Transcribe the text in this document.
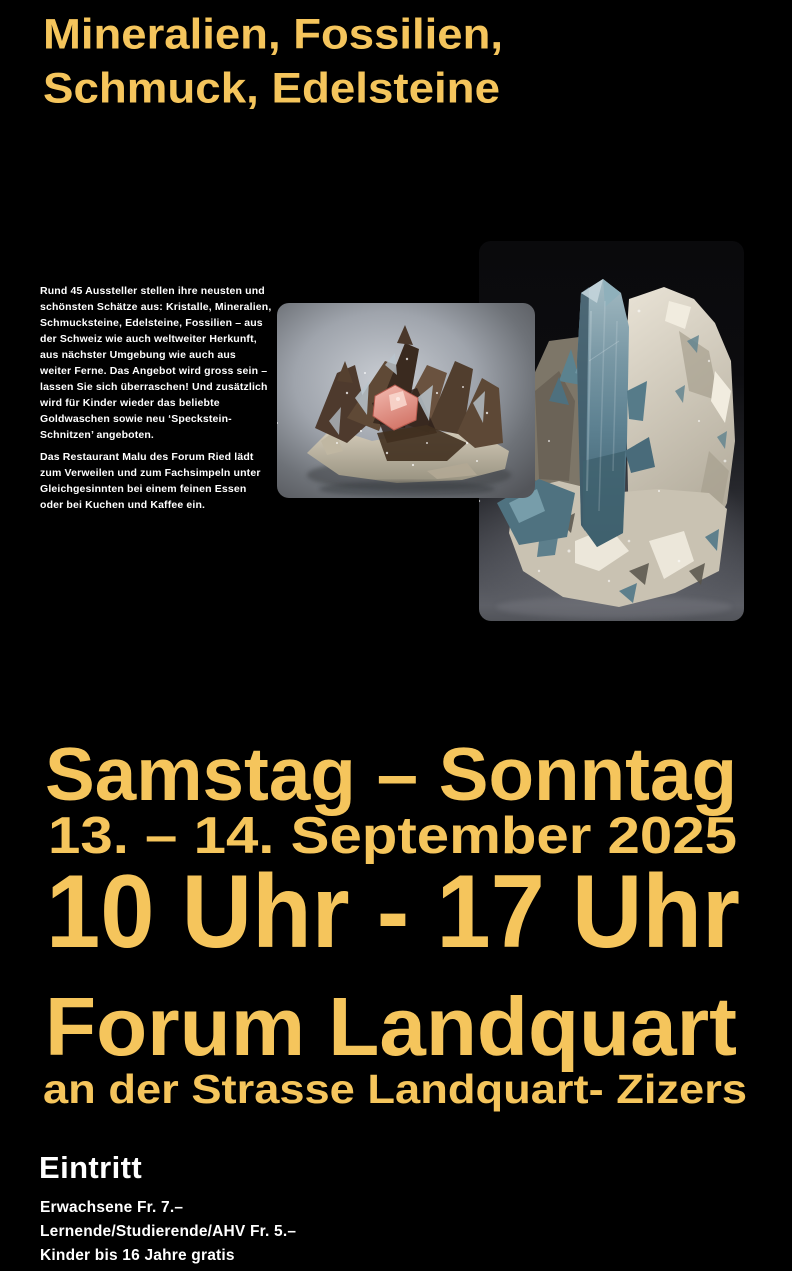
Mineralien, Fossilien,
Schmuck, Edelsteine
Rund 45 Aussteller stellen ihre neusten und
schönsten Schätze aus: Kristalle, Mineralien,
Schmucksteine, Edelsteine, Fossilien – aus
der Schweiz wie auch weltweiter Herkunft,
aus nächster Umgebung wie auch aus
weiter Ferne. Das Angebot wird gross sein –
lassen Sie sich überraschen! Und zusätzlich
wird für Kinder wieder das beliebte
Goldwaschen sowie neu ‘Speckstein-
Schnitzen’ angeboten.
Das Restaurant Malu des Forum Ried lädt
zum Verweilen und zum Fachsimpeln unter
Gleichgesinnten bei einem feinen Essen
oder bei Kuchen und Kaffee ein.
Samstag – Sonntag
13. – 14. September 2025
10 Uhr - 17 Uhr
Forum Landquart
an der Strasse Landquart- Zizers
Eintritt
Erwachsene Fr. 7.–
Lernende/Studierende/AHV Fr. 5.–
Kinder bis 16 Jahre gratis
